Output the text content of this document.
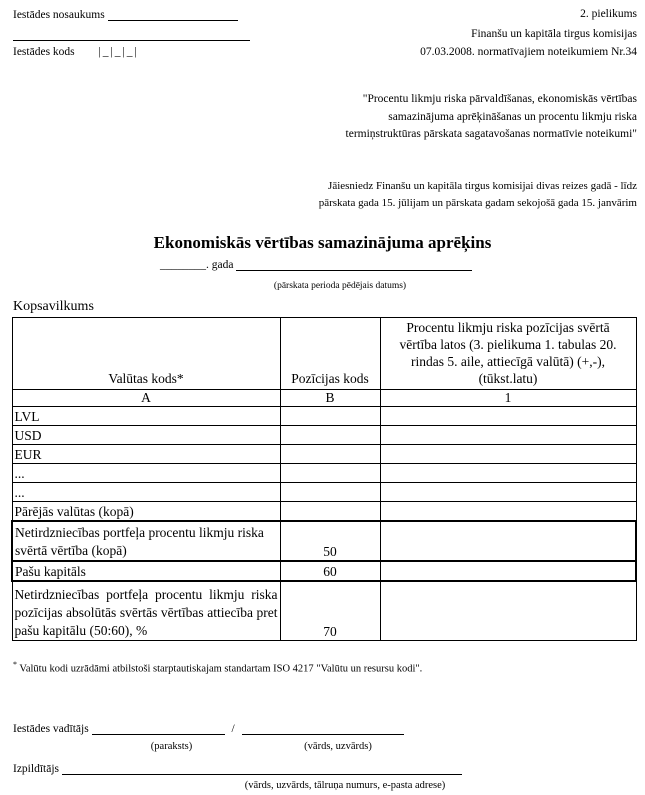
Iestādes nosaukums
Iestādes kods |_|_|_|
2. pielikums
Finanšu un kapitāla tirgus komisijas
07.03.2008. normatīvajiem noteikumiem Nr.34
"Procentu likmju riska pārvaldīšanas, ekonomiskās vērtības
samazinājuma aprēķināšanas un procentu likmju riska
termiņstruktūras pārskata sagatavošanas normatīvie noteikumi"
Jāiesniedz Finanšu un kapitāla tirgus komisijai divas reizes gadā - līdz
pārskata gada 15. jūlijam un pārskata gadam sekojošā gada 15. janvārim
Ekonomiskās vērtības samazinājuma aprēķins
________. gada
(pārskata perioda pēdējais datums)
Kopsavilkums
Valūtas kods*	Pozīcijas kods	Procentu likmju riska pozīcijas svērtā vērtība latos (3. pielikuma 1. tabulas 20. rindas 5. aile, attiecīgā valūtā) (+,-), (tūkst.latu)
A	B	1
LVL		
USD		
EUR		
...		
...		
Pārējās valūtas (kopā)		
Netirdzniecības portfeļa procentu likmju riska svērtā vērtība (kopā)	50	
Pašu kapitāls	60	
Netirdzniecības portfeļa procentu likmju riska pozīcijas absolūtās svērtās vērtības attiecība pret pašu kapitālu (50:60), %	70	
* Valūtu kodi uzrādāmi atbilstoši starptautiskajam standartam ISO 4217 "Valūtu un resursu kodi".
Iestādes vadītājs	/
(paraksts)	(vārds, uzvārds)
Izpildītājs
(vārds, uzvārds, tālruņa numurs, e-pasta adrese)
